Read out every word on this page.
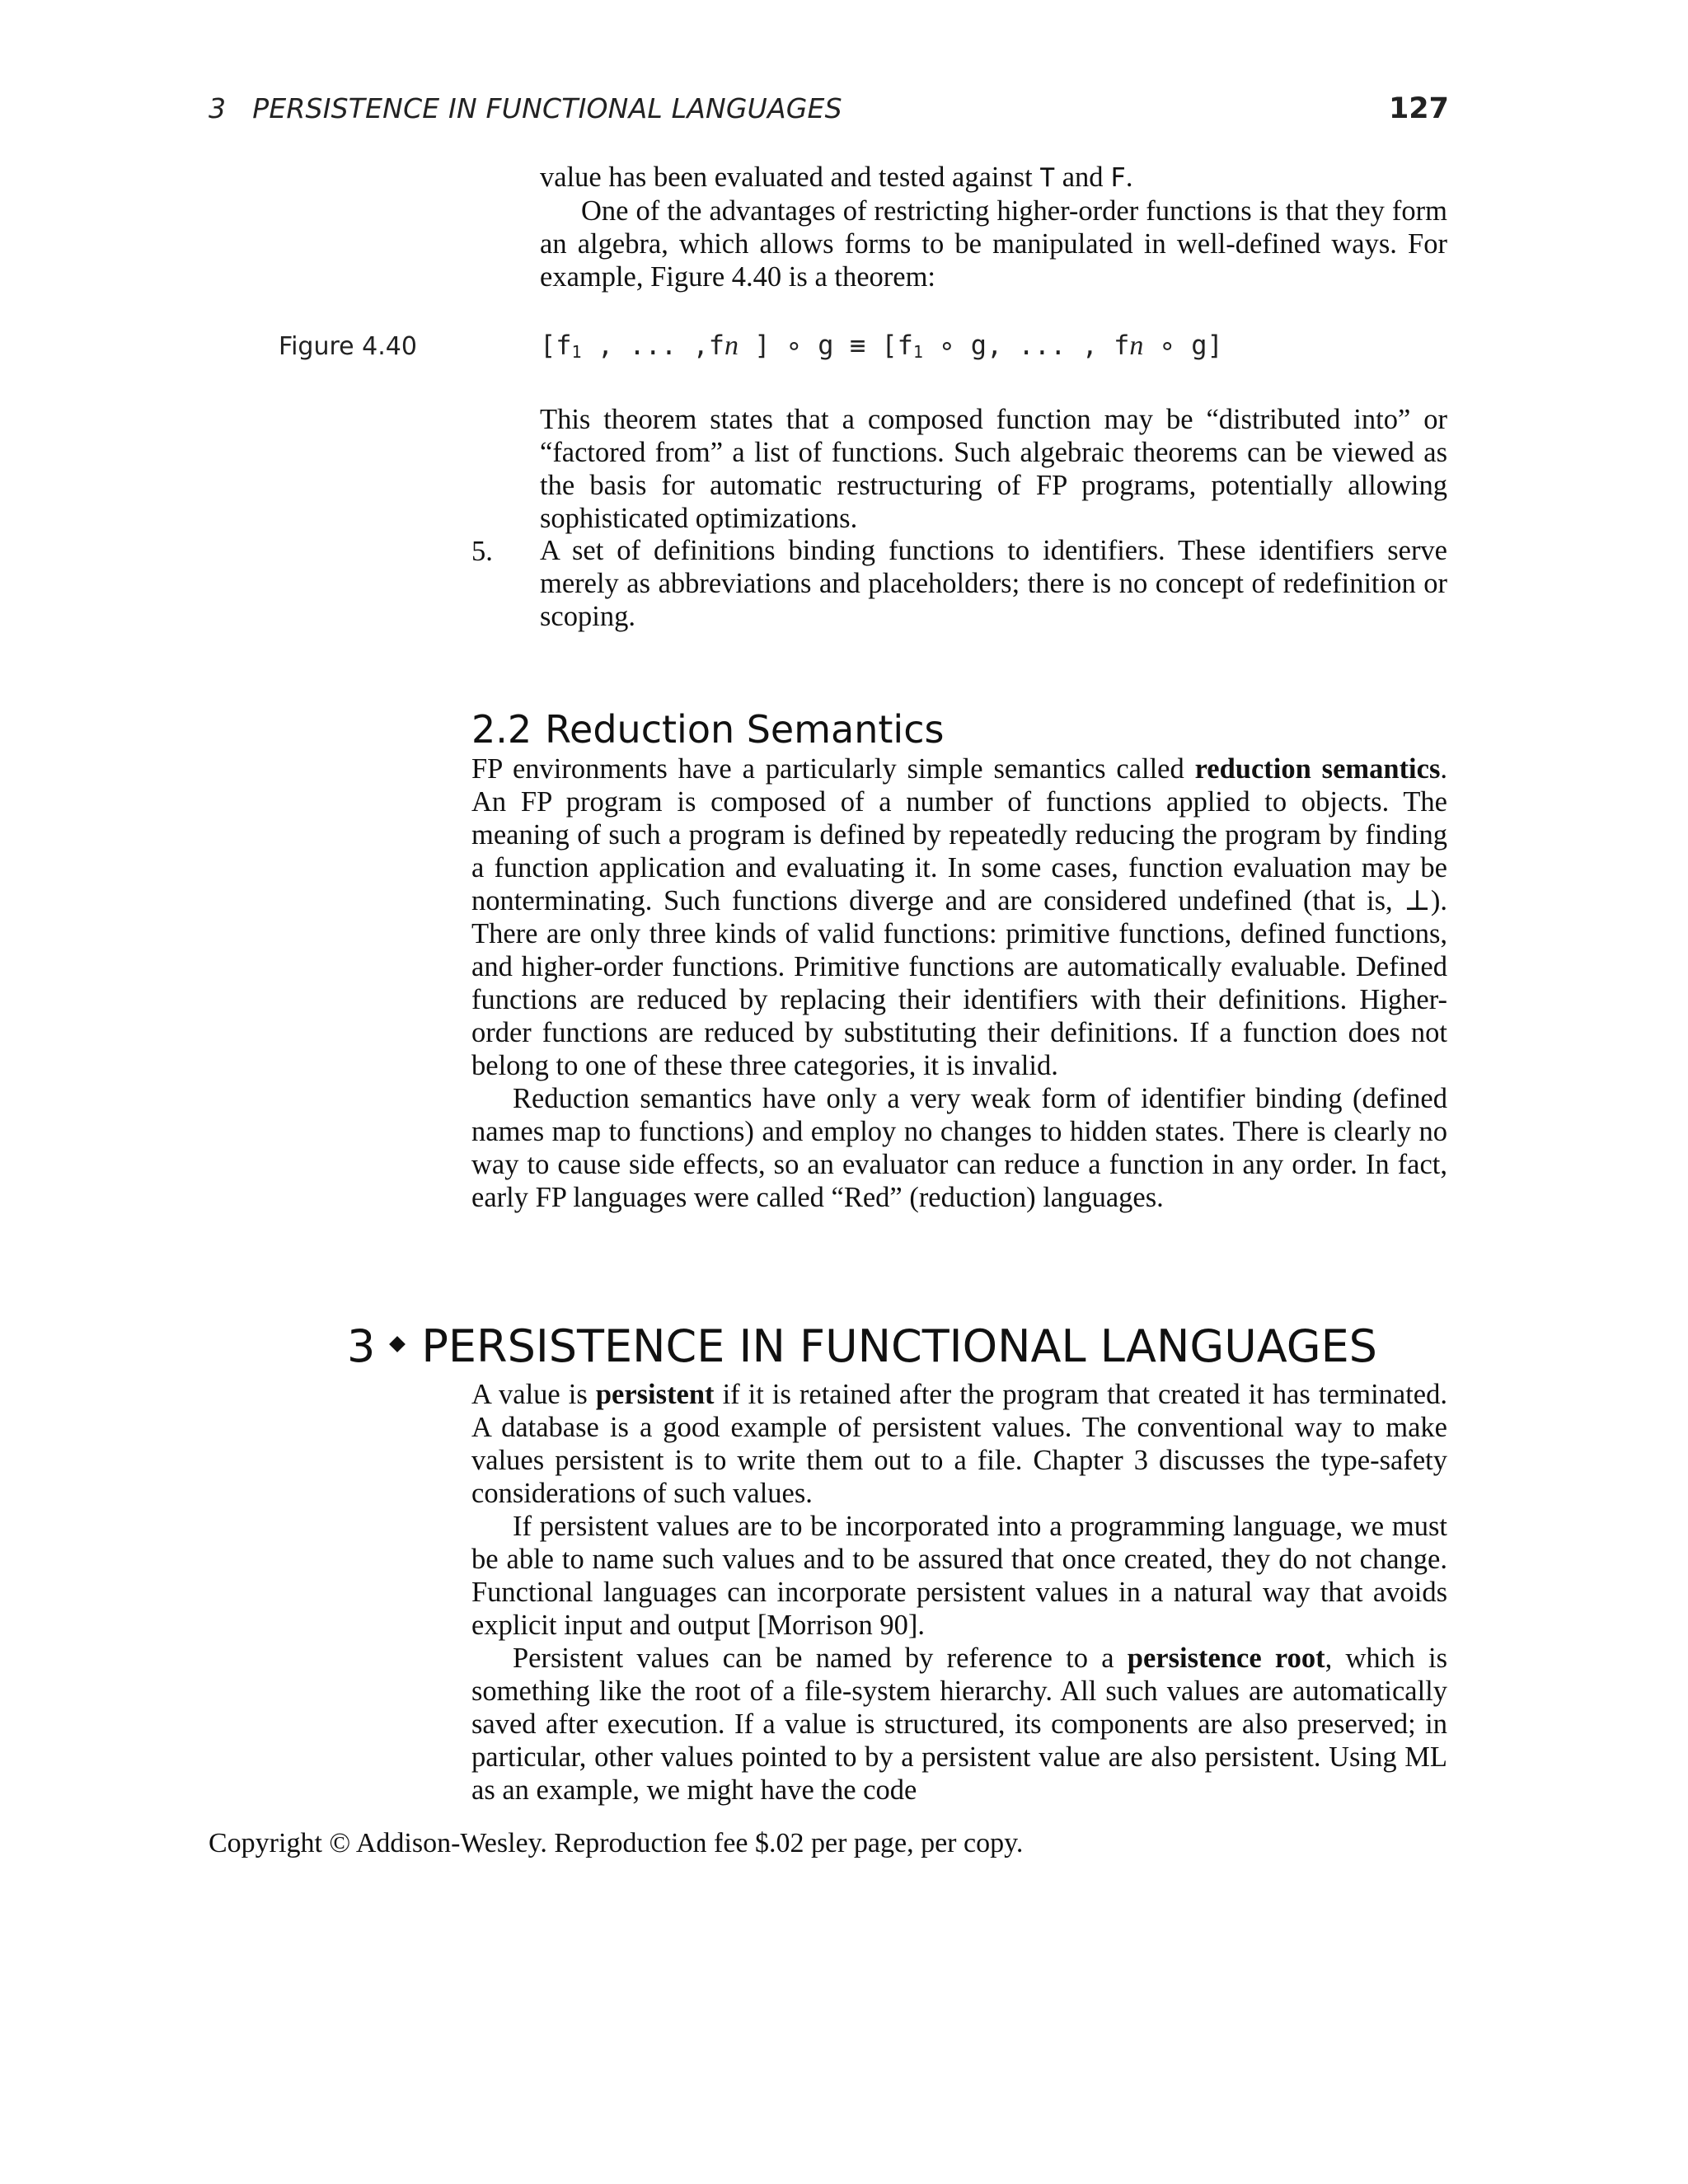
3   PERSISTENCE IN FUNCTIONAL LANGUAGES	127

value has been evaluated and tested against T and F.

One of the advantages of restricting higher-order functions is that they form an algebra, which allows forms to be manipulated in well-defined ways. For example, Figure 4.40 is a theorem:

Figure 4.40	[$f_1$ , ... ,fn ] ∘ $g \equiv [f_1$ ∘ g, ... , fn ∘ g]

This theorem states that a composed function may be “distributed into” or “factored from” a list of functions. Such algebraic theorems can be viewed as the basis for automatic restructuring of FP programs, potentially allowing sophisticated optimizations.

5. A set of definitions binding functions to identifiers. These identifiers serve merely as abbreviations and placeholders; there is no concept of redefinition or scoping.

2.2 Reduction Semantics

FP environments have a particularly simple semantics called reduction semantics. An FP program is composed of a number of functions applied to objects. The meaning of such a program is defined by repeatedly reducing the program by finding a function application and evaluating it. In some cases, function evaluation may be nonterminating. Such functions diverge and are considered undefined (that is, ⊥). There are only three kinds of valid functions: primitive functions, defined functions, and higher-order functions. Primitive functions are automatically evaluable. Defined functions are reduced by replacing their identifiers with their definitions. Higher-order functions are reduced by substituting their definitions. If a function does not belong to one of these three categories, it is invalid.

Reduction semantics have only a very weak form of identifier binding (defined names map to functions) and employ no changes to hidden states. There is clearly no way to cause side effects, so an evaluator can reduce a function in any order. In fact, early FP languages were called “Red” (reduction) languages.

3 PERSISTENCE IN FUNCTIONAL LANGUAGES

A value is persistent if it is retained after the program that created it has terminated. A database is a good example of persistent values. The conventional way to make values persistent is to write them out to a file. Chapter 3 discusses the type-safety considerations of such values.

If persistent values are to be incorporated into a programming language, we must be able to name such values and to be assured that once created, they do not change. Functional languages can incorporate persistent values in a natural way that avoids explicit input and output [Morrison 90].

Persistent values can be named by reference to a persistence root, which is something like the root of a file-system hierarchy. All such values are automatically saved after execution. If a value is structured, its components are also preserved; in particular, other values pointed to by a persistent value are also persistent. Using ML as an example, we might have the code

Copyright © Addison-Wesley. Reproduction fee $.02 per page, per copy.
